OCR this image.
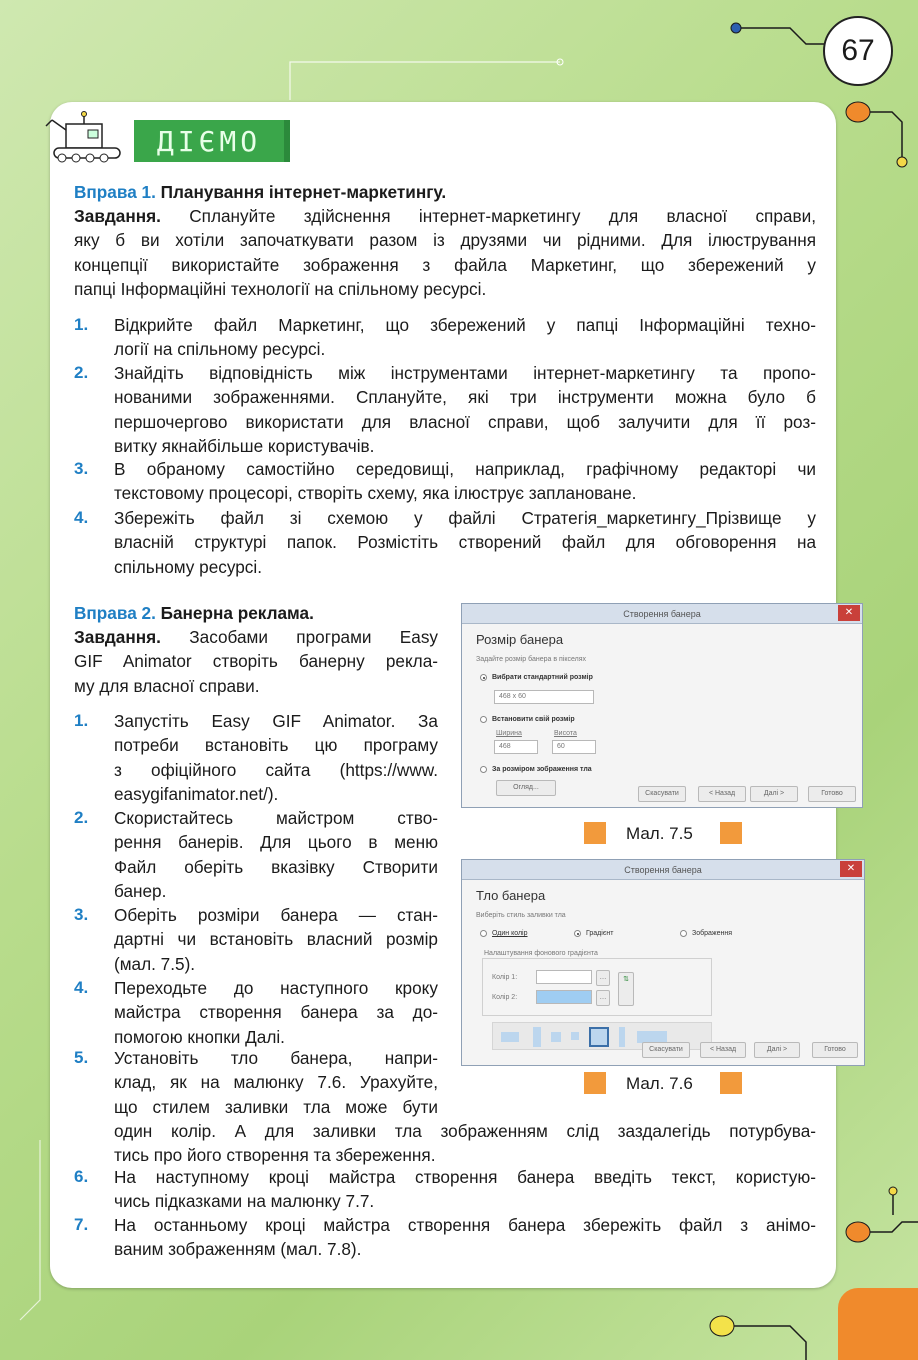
67
ДІЄМО
Вправа 1. Планування інтернет-маркетингу.
Завдання. Сплануйте здійснення інтернет-маркетингу для власної справи,
яку б ви хотіли започаткувати разом із друзями чи рідними. Для ілюстрування
концепції використайте зображення з файла Маркетинг, що збережений у
папці Інформаційні технології на спільному ресурсі.
1. Відкрийте файл Маркетинг, що збережений у папці Інформаційні техно-
логії на спільному ресурсі.
2. Знайдіть відповідність між інструментами інтернет-маркетингу та пропо-
нованими зображеннями. Сплануйте, які три інструменти можна було б
першочергово використати для власної справи, щоб залучити для її роз-
витку якнайбільше користувачів.
3. В обраному самостійно середовищі, наприклад, графічному редакторі чи
текстовому процесорі, створіть схему, яка ілюструє заплановане.
4. Збережіть файл зі схемою у файлі Стратегія_маркетингу_Прізвище у
власній структурі папок. Розмістіть створений файл для обговорення на
спільному ресурсі.
Вправа 2. Банерна реклама.
Завдання. Засобами програми Easy
GIF Animator створіть банерну рекла-
му для власної справи.
1. Запустіть Easy GIF Animator. За
потреби встановіть цю програму
з офіційного сайта (https://www.
easygifanimator.net/).
2. Скористайтесь майстром ство-
рення банерів. Для цього в меню
Файл оберіть вказівку Створити
банер.
3. Оберіть розміри банера — стан-
дартні чи встановіть власний розмір
(мал. 7.5).
4. Переходьте до наступного кроку
майстра створення банера за до-
помогою кнопки Далі.
5. Установіть тло банера, напри-
клад, як на малюнку 7.6. Урахуйте,
що стилем заливки тла може бути
один колір. А для заливки тла зображенням слід заздалегідь потурбува-
тись про його створення та збереження.
6. На наступному кроці майстра створення банера введіть текст, користую-
чись підказками на малюнку 7.7.
7. На останньому кроці майстра створення банера збережіть файл з анімо-
ваним зображенням (мал. 7.8).
Створення банера	✕
Розмір банера
Задайте розмір банера в пікселях
Вибрати стандартний розмір
468 x 60
Встановити свій розмір
Ширина	Висота
468	60
За розміром зображення тла
Огляд...
Скасувати	< Назад	Далі >	Готово
Мал. 7.5
Створення банера	✕
Тло банера
Виберіть стиль заливки тла
Один колір	Градієнт	Зображення
Налаштування фонового градієнта
Колір 1:	…
Колір 2:	…
⇅
Скасувати	< Назад	Далі >	Готово
Мал. 7.6
